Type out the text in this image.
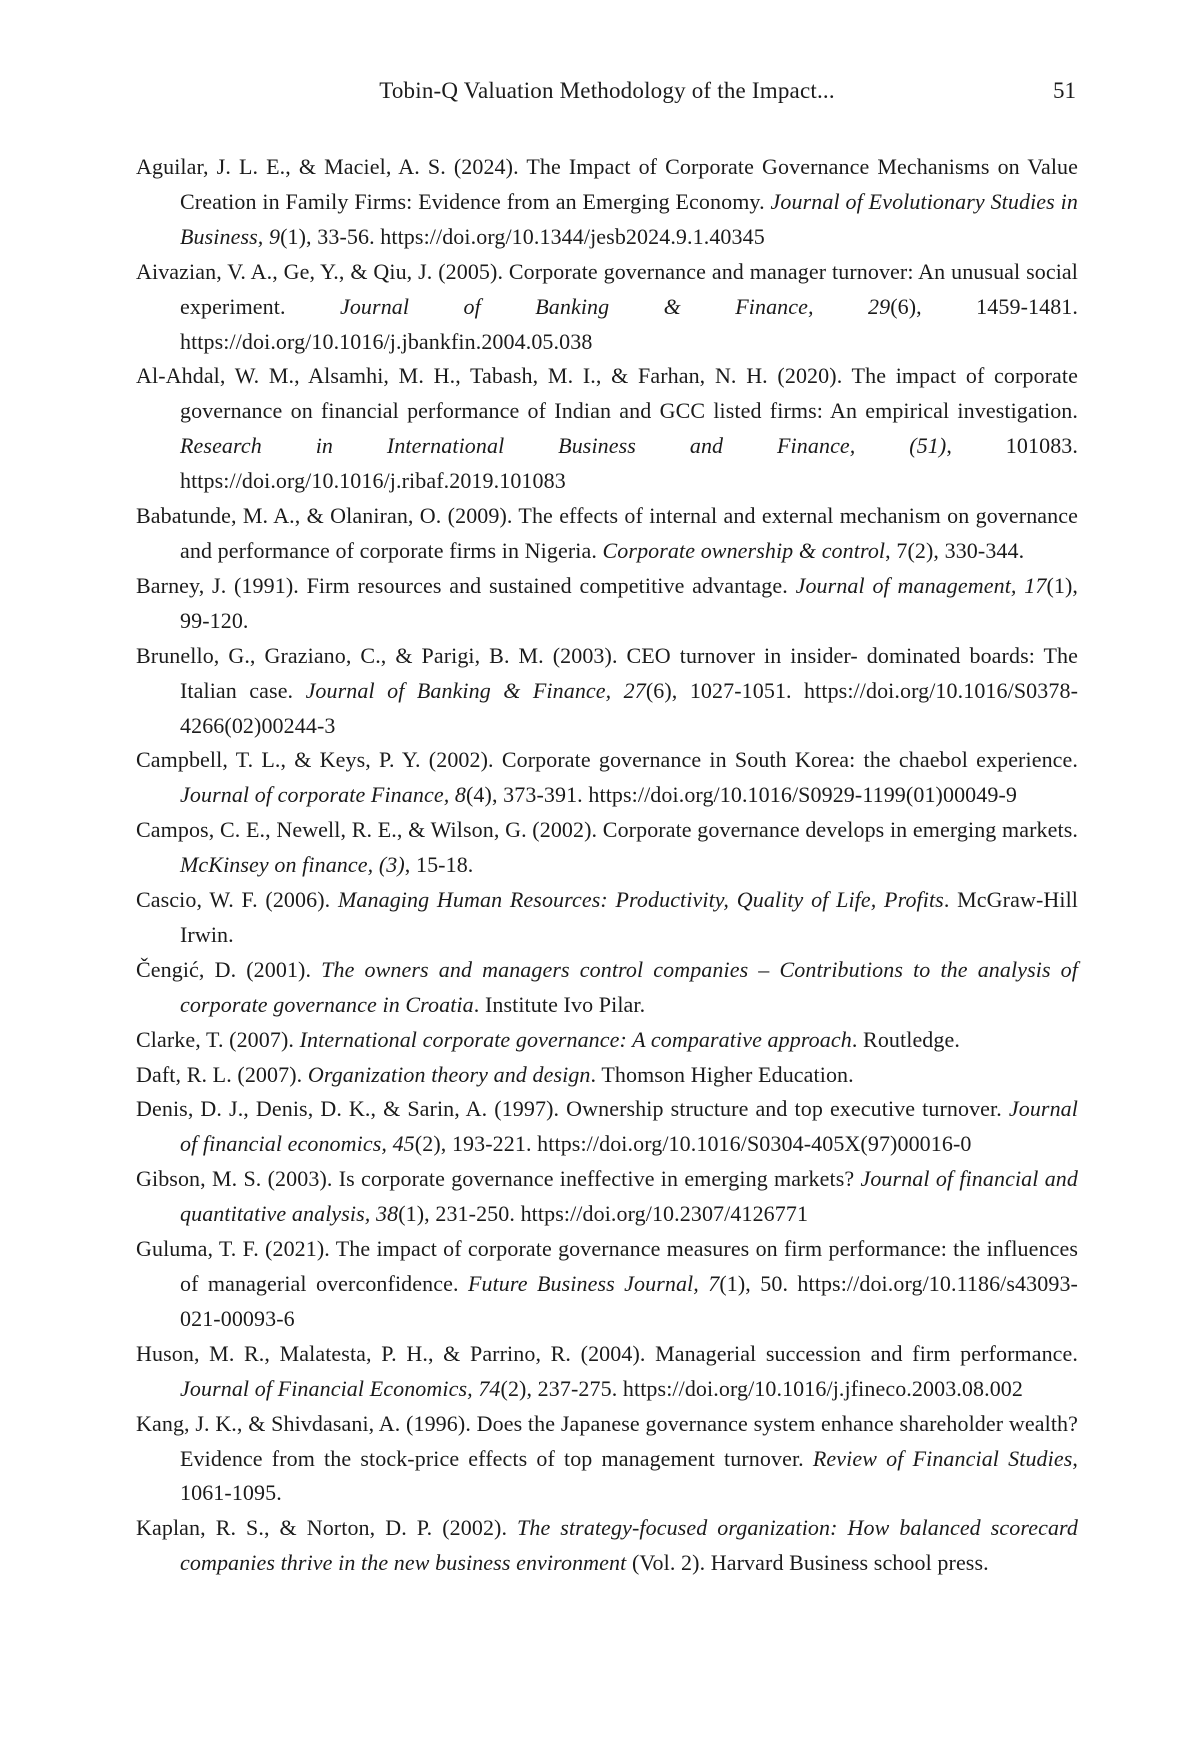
Tobin-Q Valuation Methodology of the Impact...	51

Aguilar, J. L. E., & Maciel, A. S. (2024). The Impact of Corporate Governance Mechanisms on Value Creation in Family Firms: Evidence from an Emerging Economy. Journal of Evolutionary Studies in Business, 9(1), 33-56. https://doi.org/10.1344/jesb2024.9.1.40345

Aivazian, V. A., Ge, Y., & Qiu, J. (2005). Corporate governance and manager turnover: An unusual social experiment. Journal of Banking & Finance, 29(6), 1459-1481. https://doi.org/10.1016/j.jbankfin.2004.05.038

Al-Ahdal, W. M., Alsamhi, M. H., Tabash, M. I., & Farhan, N. H. (2020). The impact of corporate governance on financial performance of Indian and GCC listed firms: An empirical investigation. Research in International Business and Finance, (51), 101083. https://doi.org/10.1016/j.ribaf.2019.101083

Babatunde, M. A., & Olaniran, O. (2009). The effects of internal and external mechanism on governance and performance of corporate firms in Nigeria. Corporate ownership & control, 7(2), 330-344.

Barney, J. (1991). Firm resources and sustained competitive advantage. Journal of management, 17(1), 99-120.

Brunello, G., Graziano, C., & Parigi, B. M. (2003). CEO turnover in insider- dominated boards: The Italian case. Journal of Banking & Finance, 27(6), 1027-1051. https://doi.org/10.1016/S0378-4266(02)00244-3

Campbell, T. L., & Keys, P. Y. (2002). Corporate governance in South Korea: the chaebol experience. Journal of corporate Finance, 8(4), 373-391. https://doi.org/10.1016/S0929-1199(01)00049-9

Campos, C. E., Newell, R. E., & Wilson, G. (2002). Corporate governance develops in emerging markets. McKinsey on finance, (3), 15-18.

Cascio, W. F. (2006). Managing Human Resources: Productivity, Quality of Life, Profits. McGraw-Hill Irwin.

Čengić, D. (2001). The owners and managers control companies – Contributions to the analysis of corporate governance in Croatia. Institute Ivo Pilar.

Clarke, T. (2007). International corporate governance: A comparative approach. Routledge.

Daft, R. L. (2007). Organization theory and design. Thomson Higher Education.

Denis, D. J., Denis, D. K., & Sarin, A. (1997). Ownership structure and top executive turnover. Journal of financial economics, 45(2), 193-221. https://doi.org/10.1016/S0304-405X(97)00016-0

Gibson, M. S. (2003). Is corporate governance ineffective in emerging markets? Journal of financial and quantitative analysis, 38(1), 231-250. https://doi.org/10.2307/4126771

Guluma, T. F. (2021). The impact of corporate governance measures on firm performance: the influences of managerial overconfidence. Future Business Journal, 7(1), 50. https://doi.org/10.1186/s43093-021-00093-6

Huson, M. R., Malatesta, P. H., & Parrino, R. (2004). Managerial succession and firm performance. Journal of Financial Economics, 74(2), 237-275. https://doi.org/10.1016/j.jfineco.2003.08.002

Kang, J. K., & Shivdasani, A. (1996). Does the Japanese governance system enhance shareholder wealth? Evidence from the stock-price effects of top management turnover. Review of Financial Studies, 1061-1095.

Kaplan, R. S., & Norton, D. P. (2002). The strategy-focused organization: How balanced scorecard companies thrive in the new business environment (Vol. 2). Harvard Business school press.
